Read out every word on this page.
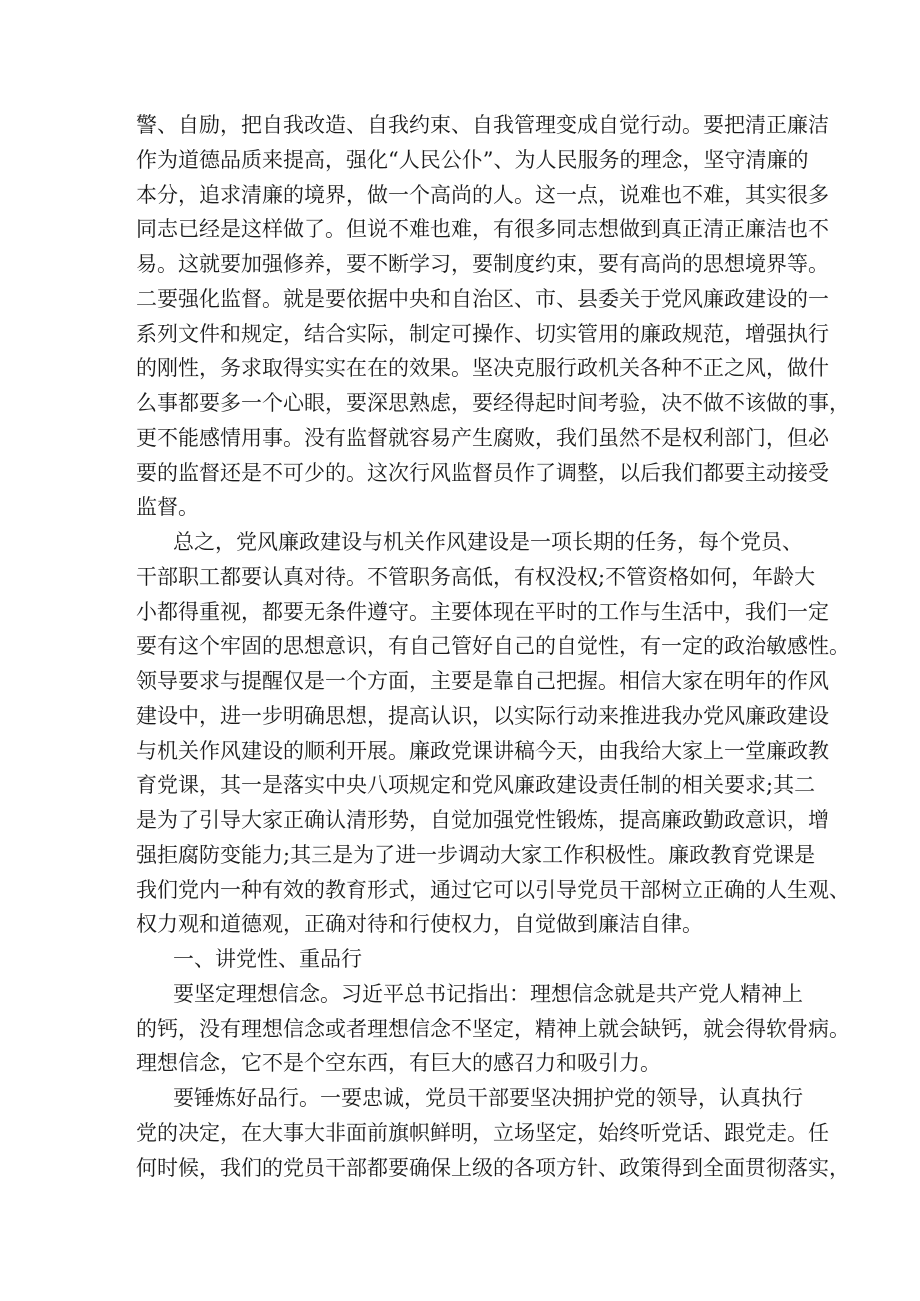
警、自励，把自我改造、自我约束、自我管理变成自觉行动。要把清正廉洁
作为道德品质来提高，强化“人民公仆”、为人民服务的理念，坚守清廉的
本分，追求清廉的境界，做一个高尚的人。这一点，说难也不难，其实很多
同志已经是这样做了。但说不难也难，有很多同志想做到真正清正廉洁也不
易。这就要加强修养，要不断学习，要制度约束，要有高尚的思想境界等。
二要强化监督。就是要依据中央和自治区、市、县委关于党风廉政建设的一
系列文件和规定，结合实际，制定可操作、切实管用的廉政规范，增强执行
的刚性，务求取得实实在在的效果。坚决克服行政机关各种不正之风，做什
么事都要多一个心眼，要深思熟虑，要经得起时间考验，决不做不该做的事，
更不能感情用事。没有监督就容易产生腐败，我们虽然不是权利部门，但必
要的监督还是不可少的。这次行风监督员作了调整，以后我们都要主动接受
监督。
总之，党风廉政建设与机关作风建设是一项长期的任务，每个党员、
干部职工都要认真对待。不管职务高低，有权没权;不管资格如何，年龄大
小都得重视，都要无条件遵守。主要体现在平时的工作与生活中，我们一定
要有这个牢固的思想意识，有自己管好自己的自觉性，有一定的政治敏感性。
领导要求与提醒仅是一个方面，主要是靠自己把握。相信大家在明年的作风
建设中，进一步明确思想，提高认识，以实际行动来推进我办党风廉政建设
与机关作风建设的顺利开展。廉政党课讲稿今天，由我给大家上一堂廉政教
育党课，其一是落实中央八项规定和党风廉政建设责任制的相关要求;其二
是为了引导大家正确认清形势，自觉加强党性锻炼，提高廉政勤政意识，增
强拒腐防变能力;其三是为了进一步调动大家工作积极性。廉政教育党课是
我们党内一种有效的教育形式，通过它可以引导党员干部树立正确的人生观、
权力观和道德观，正确对待和行使权力，自觉做到廉洁自律。
一、讲党性、重品行
要坚定理想信念。习近平总书记指出：理想信念就是共产党人精神上
的钙，没有理想信念或者理想信念不坚定，精神上就会缺钙，就会得软骨病。
理想信念，它不是个空东西，有巨大的感召力和吸引力。
要锤炼好品行。一要忠诚，党员干部要坚决拥护党的领导，认真执行
党的决定，在大事大非面前旗帜鲜明，立场坚定，始终听党话、跟党走。任
何时候，我们的党员干部都要确保上级的各项方针、政策得到全面贯彻落实，
